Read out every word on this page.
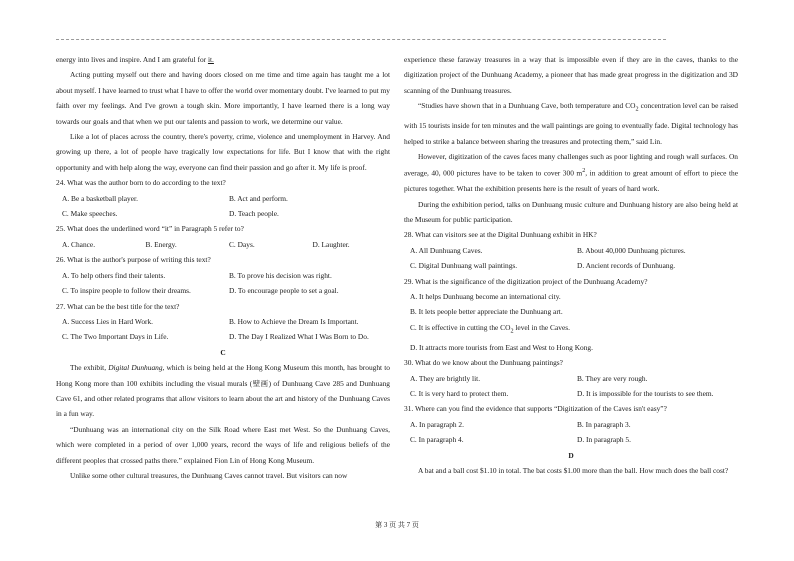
energy into lives and inspire. And I am grateful for it.

Acting putting myself out there and having doors closed on me time and time again has taught me a lot about myself. I have learned to trust what I have to offer the world over momentary doubt. I've learned to put my faith over my feelings. And I've grown a tough skin. More importantly, I have learned there is a long way towards our goals and that when we put our talents and passion to work, we determine our value.

Like a lot of places across the country, there's poverty, crime, violence and unemployment in Harvey. And growing up there, a lot of people have tragically low expectations for life. But I know that with the right opportunity and with help along the way, everyone can find their passion and go after it. My life is proof.

24. What was the author born to do according to the text?

A. Be a basketball player.	B. Act and perform.
C. Make speeches.	D. Teach people.

25. What does the underlined word “it” in Paragraph 5 refer to?

A. Chance.	B. Energy.	C. Days.	D. Laughter.

26. What is the author's purpose of writing this text?

A. To help others find their talents.	B. To prove his decision was right.
C. To inspire people to follow their dreams.	D. To encourage people to set a goal.

27. What can be the best title for the text?

A. Success Lies in Hard Work.	B. How to Achieve the Dream Is Important.
C. The Two Important Days in Life.	D. The Day I Realized What I Was Born to Do.

C

The exhibit, Digital Dunhuang, which is being held at the Hong Kong Museum this month, has brought to Hong Kong more than 100 exhibits including the visual murals (壁画) of Dunhuang Cave 285 and Dunhuang Cave 61, and other related programs that allow visitors to learn about the art and history of the Dunhuang Caves in a fun way.

“Dunhuang was an international city on the Silk Road where East met West. So the Dunhuang Caves, which were completed in a period of over 1,000 years, record the ways of life and religious beliefs of the different peoples that crossed paths there.” explained Fion Lin of Hong Kong Museum.

Unlike some other cultural treasures, the Dunhuang Caves cannot travel. But visitors can now

experience these faraway treasures in a way that is impossible even if they are in the caves, thanks to the digitization project of the Dunhuang Academy, a pioneer that has made great progress in the digitization and 3D scanning of the Dunhuang treasures.

“Studies have shown that in a Dunhuang Cave, both temperature and $CO_2$ concentration level can be raised with 15 tourists inside for ten minutes and the wall paintings are going to eventually fade. Digital technology has helped to strike a balance between sharing the treasures and protecting them,” said Lin.

However, digitization of the caves faces many challenges such as poor lighting and rough wall surfaces. On average, 40, 000 pictures have to be taken to cover 300 $m^2$, in addition to great amount of effort to piece the pictures together. What the exhibition presents here is the result of years of hard work.

During the exhibition period, talks on Dunhuang music culture and Dunhuang history are also being held at the Museum for public participation.

28. What can visitors see at the Digital Dunhuang exhibit in HK?

A. All Dunhuang Caves.	B. About 40,000 Dunhuang pictures.
C. Digital Dunhuang wall paintings.	D. Ancient records of Dunhuang.

29. What is the significance of the digitization project of the Dunhuang Academy?

A. It helps Dunhuang become an international city.

B. It lets people better appreciate the Dunhuang art.

C. It is effective in cutting the $CO_2$ level in the Caves.

D. It attracts more tourists from East and West to Hong Kong.

30. What do we know about the Dunhuang paintings?

A. They are brightly lit.	B. They are very rough.
C. It is very hard to protect them.	D. It is impossible for the tourists to see them.

31. Where can you find the evidence that supports “Digitization of the Caves isn't easy”?

A. In paragraph 2.	B. In paragraph 3.
C. In paragraph 4.	D. In paragraph 5.

D

A bat and a ball cost $1.10 in total. The bat costs $1.00 more than the ball. How much does the ball cost?

第 3 页 共 7 页
